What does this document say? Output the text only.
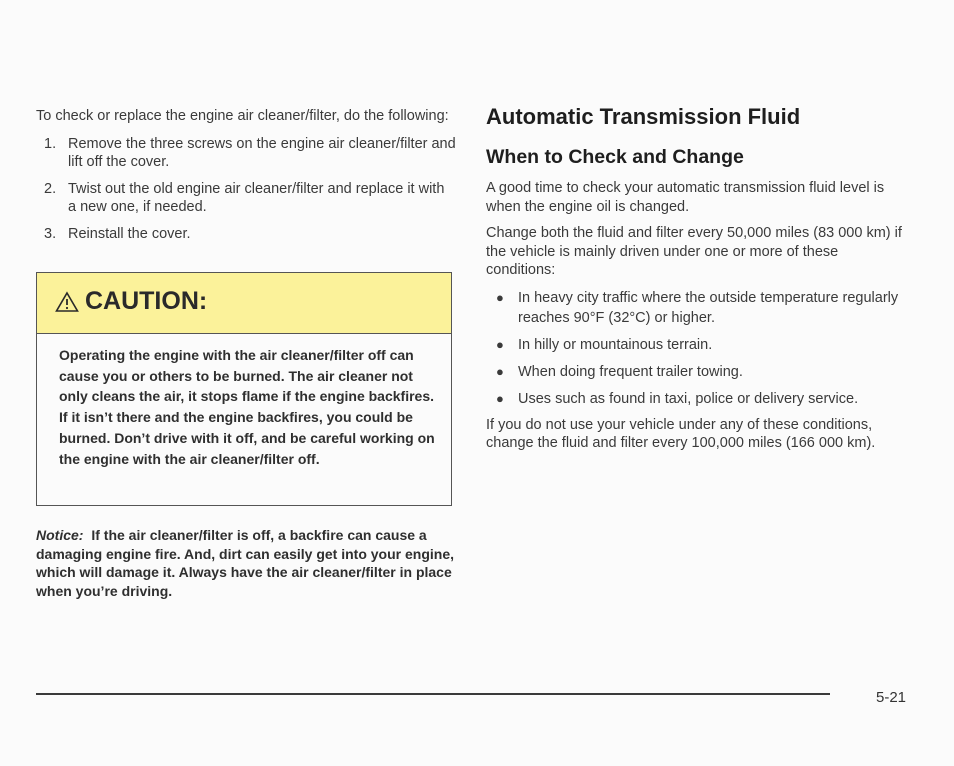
To check or replace the engine air cleaner/filter, do the following:

1. Remove the three screws on the engine air cleaner/filter and lift off the cover.
2. Twist out the old engine air cleaner/filter and replace it with a new one, if needed.
3. Reinstall the cover.
CAUTION:
Operating the engine with the air cleaner/filter off can cause you or others to be burned. The air cleaner not only cleans the air, it stops flame if the engine backfires. If it isn’t there and the engine backfires, you could be burned. Don’t drive with it off, and be careful working on the engine with the air cleaner/filter off.
Notice: If the air cleaner/filter is off, a backfire can cause a damaging engine fire. And, dirt can easily get into your engine, which will damage it. Always have the air cleaner/filter in place when you’re driving.
Automatic Transmission Fluid
When to Check and Change

A good time to check your automatic transmission fluid level is when the engine oil is changed.

Change both the fluid and filter every 50,000 miles (83 000 km) if the vehicle is mainly driven under one or more of these conditions:

● In heavy city traffic where the outside temperature regularly reaches 90°F (32°C) or higher.
● In hilly or mountainous terrain.
● When doing frequent trailer towing.
● Uses such as found in taxi, police or delivery service.

If you do not use your vehicle under any of these conditions, change the fluid and filter every 100,000 miles (166 000 km).

5-21
